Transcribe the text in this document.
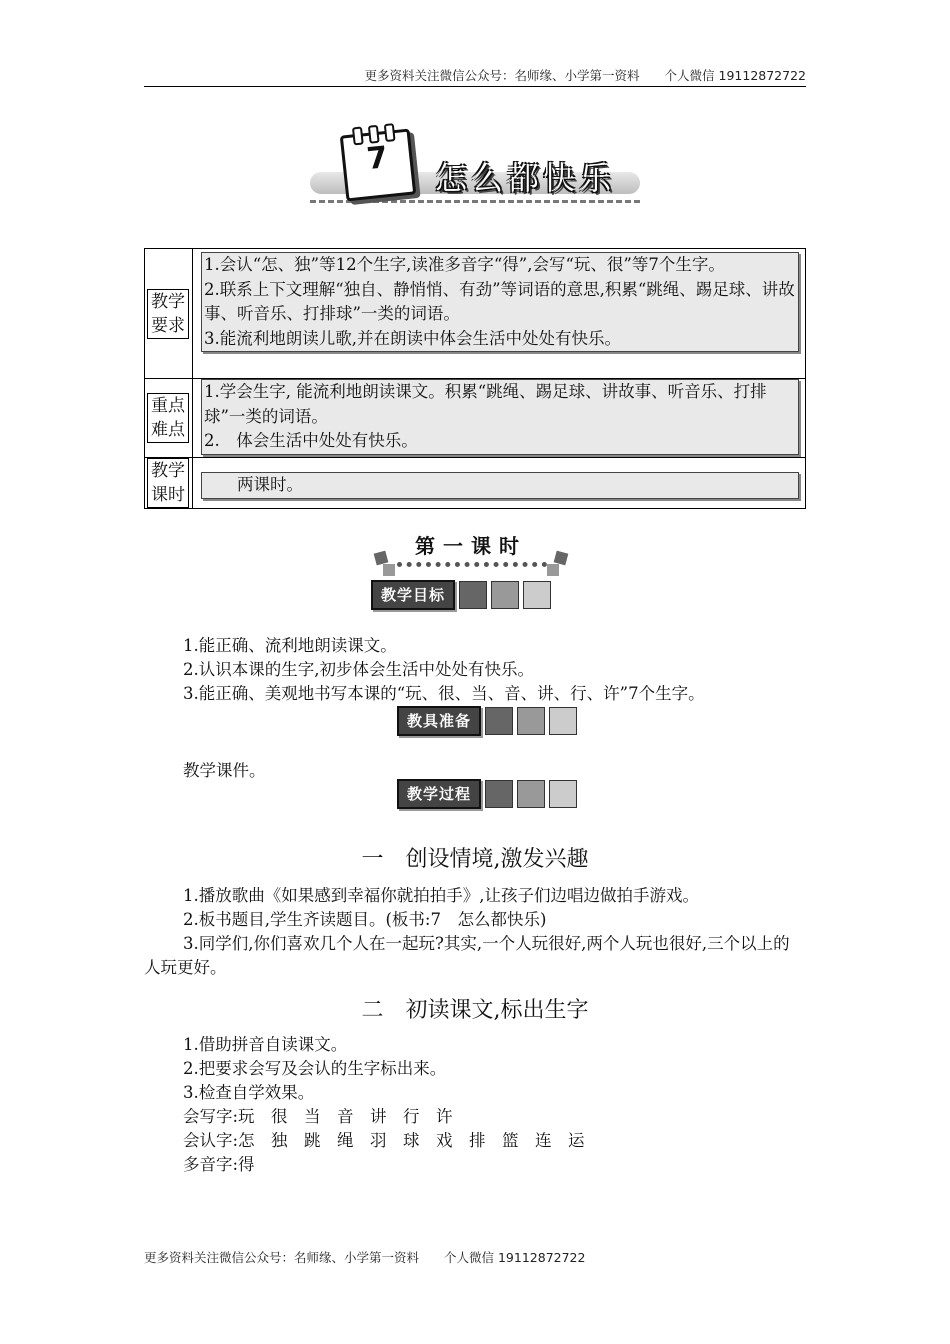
更多资料关注微信公众号：名师缘、小学第一资料　　个人微信 19112872722
7
怎么都快乐
教学要求
1.会认“怎、独”等12个生字,读准多音字“得”,会写“玩、很”等7个生字。
2.联系上下文理解“独自、静悄悄、有劲”等词语的意思,积累“跳绳、踢足球、讲故事、听音乐、打排球”一类的词语。
3.能流利地朗读儿歌,并在朗读中体会生活中处处有快乐。
重点难点
1.学会生字, 能流利地朗读课文。积累“跳绳、踢足球、讲故事、听音乐、打排球”一类的词语。
2.　体会生活中处处有快乐。
教学课时
　　两课时。
第一课时
教学目标

1.能正确、流利地朗读课文。

2.认识本课的生字,初步体会生活中处处有快乐。

3.能正确、美观地书写本课的“玩、很、当、音、讲、行、许”7个生字。

教具准备

教学课件。

教学过程
一　创设情境,激发兴趣

1.播放歌曲《如果感到幸福你就拍拍手》,让孩子们边唱边做拍手游戏。

2.板书题目,学生齐读题目。(板书:7　怎么都快乐)

3.同学们,你们喜欢几个人在一起玩?其实,一个人玩很好,两个人玩也很好,三个以上的人玩更好。

二　初读课文,标出生字

1.借助拼音自读课文。

2.把要求会写及会认的生字标出来。

3.检查自学效果。

会写字:玩　很　当　音　讲　行　许

会认字:怎　独　跳　绳　羽　球　戏　排　篮　连　运

多音字:得

更多资料关注微信公众号：名师缘、小学第一资料　　个人微信 19112872722
